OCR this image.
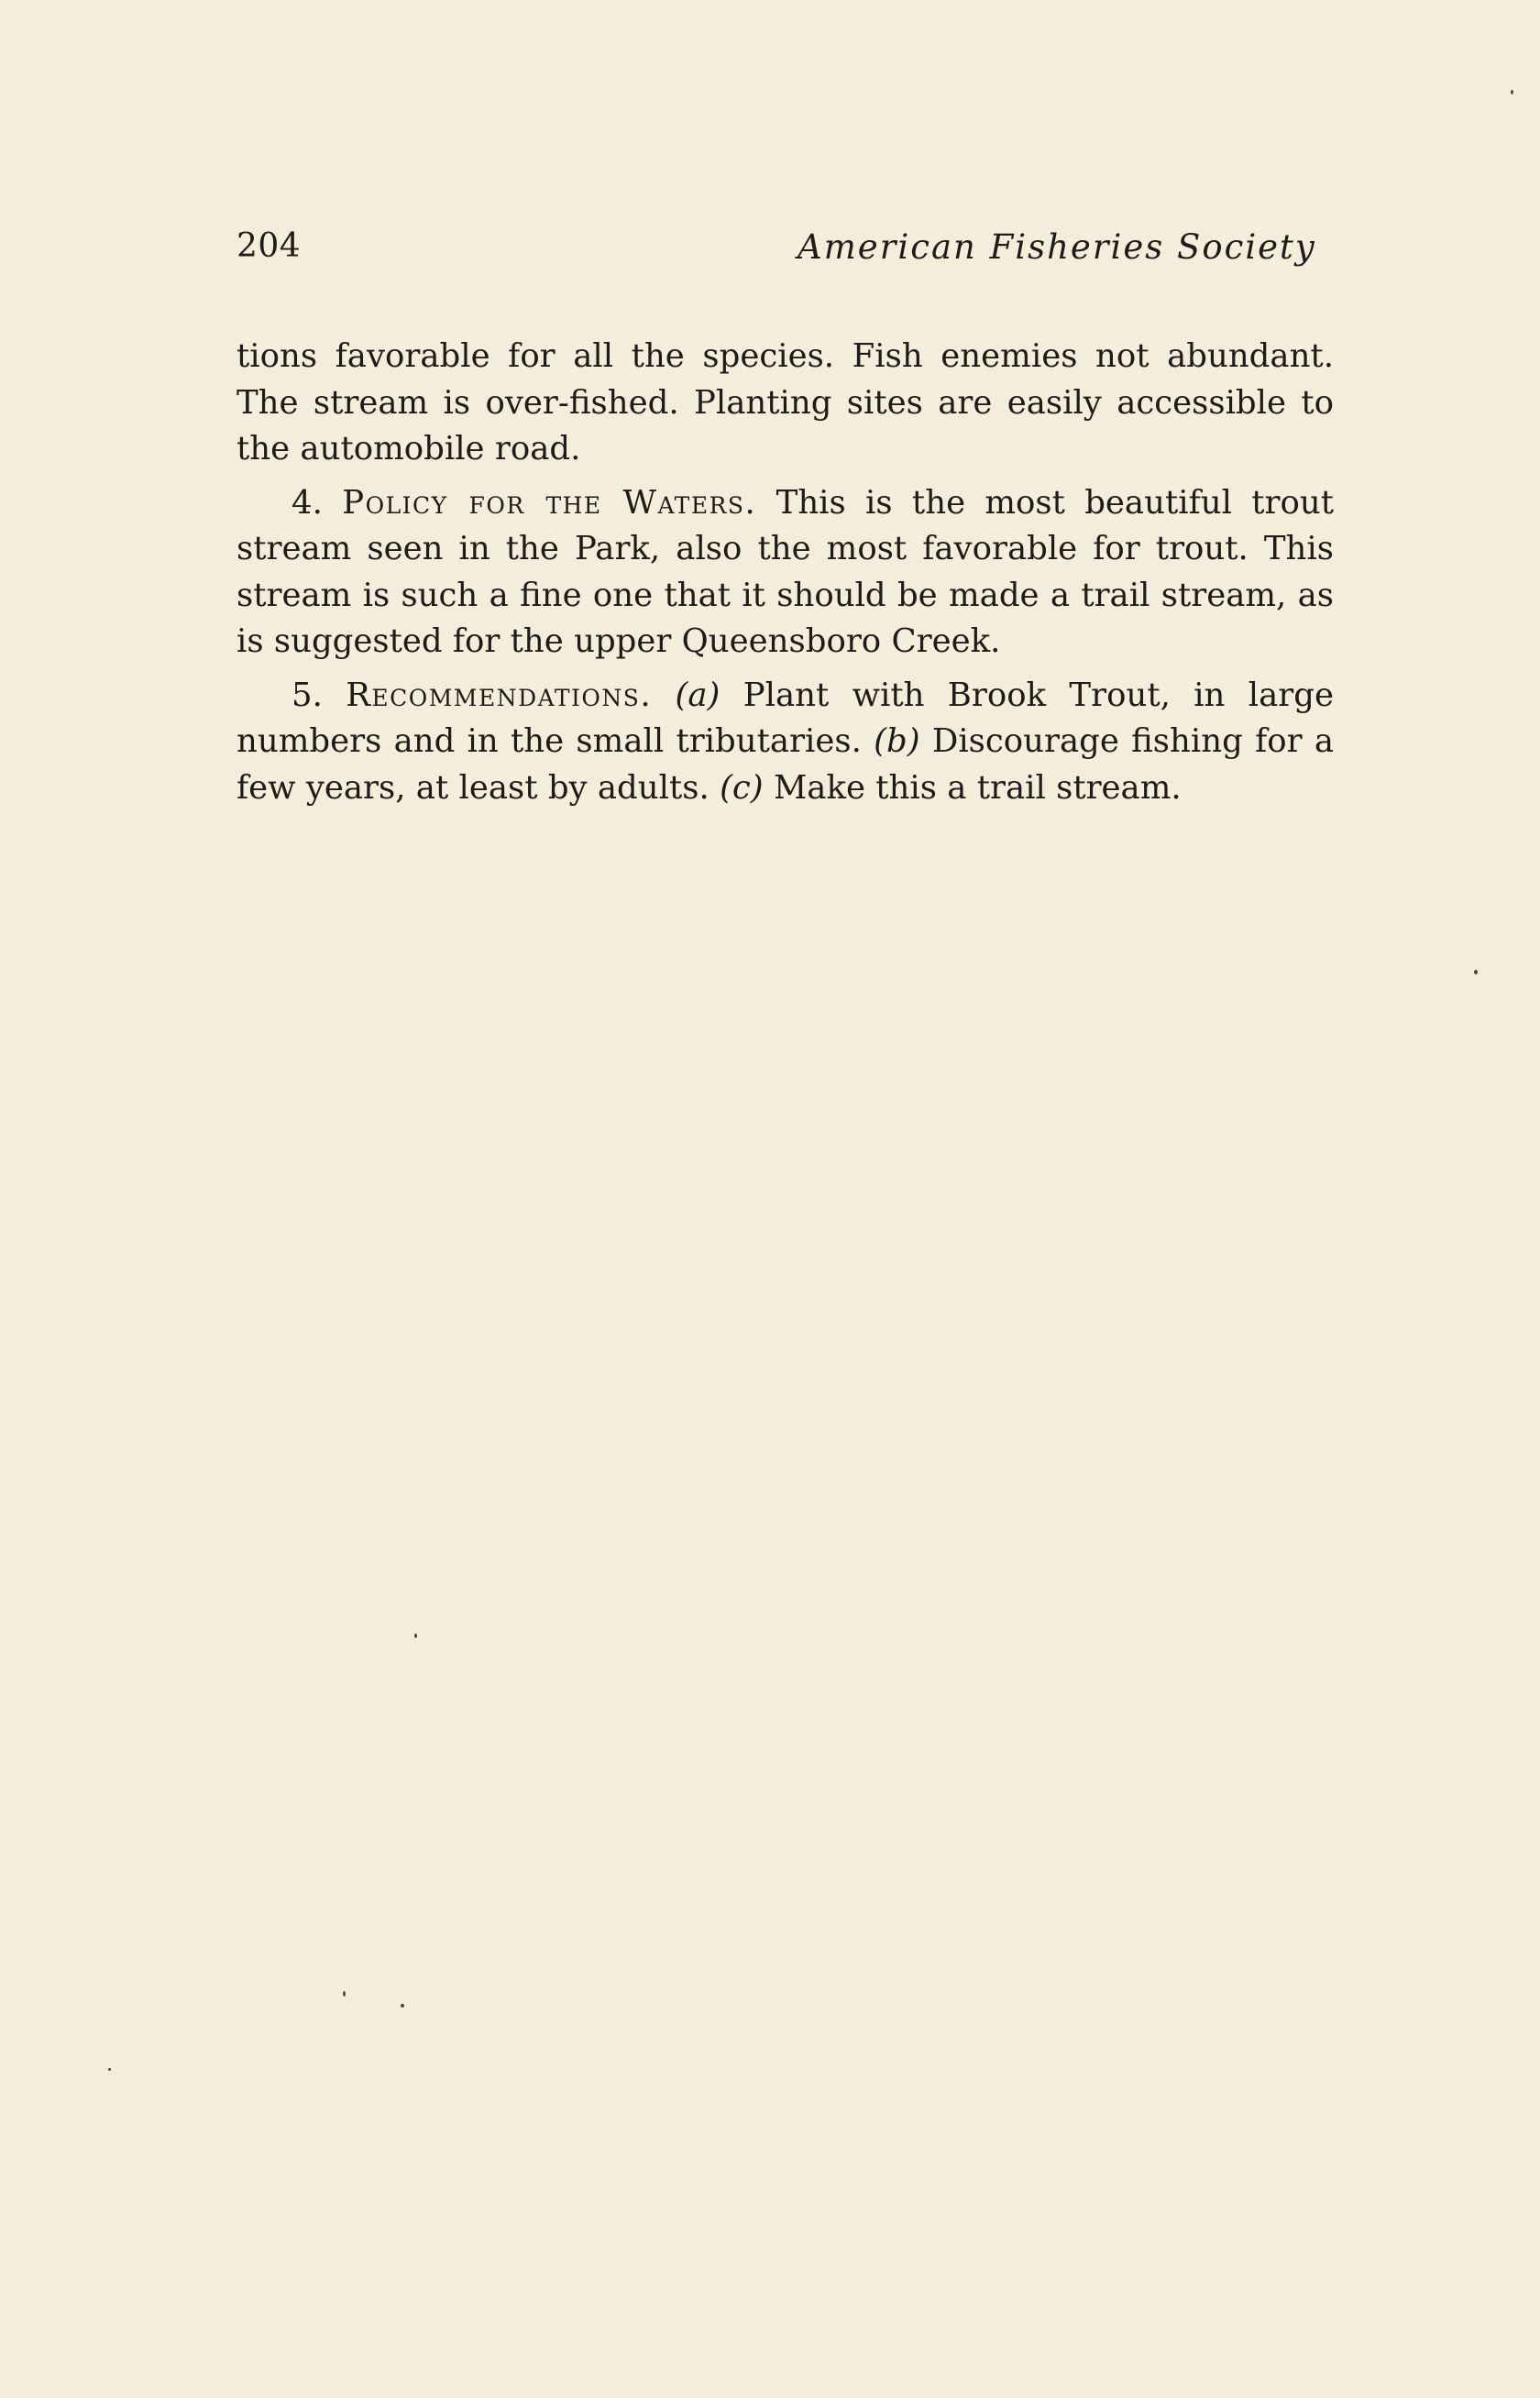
204	American Fisheries Society

tions favorable for all the species. Fish enemies not abundant. The stream is over-fished. Planting sites are easily accessible to the automobile road.

4. Policy for the Waters. This is the most beautiful trout stream seen in the Park, also the most favorable for trout. This stream is such a fine one that it should be made a trail stream, as is suggested for the upper Queensboro Creek.

5. Recommendations. (a) Plant with Brook Trout, in large numbers and in the small tributaries. (b) Discourage fishing for a few years, at least by adults. (c) Make this a trail stream.
